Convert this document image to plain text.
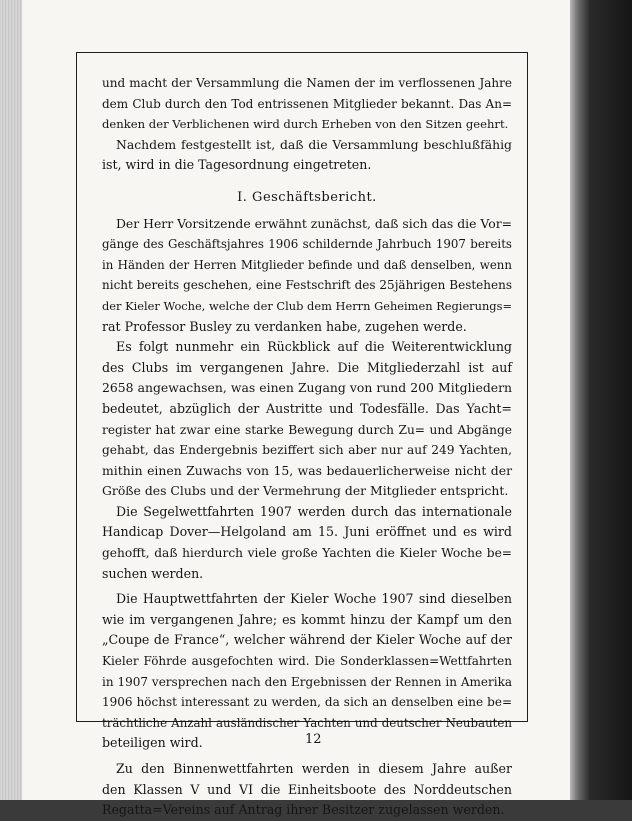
und macht der Versammlung die Namen der im verflossenen Jahre
dem Club durch den Tod entrissenen Mitglieder bekannt. Das An=
denken der Verblichenen wird durch Erheben von den Sitzen geehrt.

Nachdem festgestellt ist, daß die Versammlung beschlußfähig
ist, wird in die Tagesordnung eingetreten.

I. Geschäftsbericht.

Der Herr Vorsitzende erwähnt zunächst, daß sich das die Vor=
gänge des Geschäftsjahres 1906 schildernde Jahrbuch 1907 bereits
in Händen der Herren Mitglieder befinde und daß denselben, wenn
nicht bereits geschehen, eine Festschrift des 25jährigen Bestehens
der Kieler Woche, welche der Club dem Herrn Geheimen Regierungs=
rat Professor Busley zu verdanken habe, zugehen werde.

Es folgt nunmehr ein Rückblick auf die Weiterentwicklung
des Clubs im vergangenen Jahre. Die Mitgliederzahl ist auf
2658 angewachsen, was einen Zugang von rund 200 Mitgliedern
bedeutet, abzüglich der Austritte und Todesfälle. Das Yacht=
register hat zwar eine starke Bewegung durch Zu= und Abgänge
gehabt, das Endergebnis beziffert sich aber nur auf 249 Yachten,
mithin einen Zuwachs von 15, was bedauerlicherweise nicht der
Größe des Clubs und der Vermehrung der Mitglieder entspricht.

Die Segelwettfahrten 1907 werden durch das internationale
Handicap Dover—Helgoland am 15. Juni eröffnet und es wird
gehofft, daß hierdurch viele große Yachten die Kieler Woche be=
suchen werden.

Die Hauptwettfahrten der Kieler Woche 1907 sind dieselben
wie im vergangenen Jahre; es kommt hinzu der Kampf um den
„Coupe de France“, welcher während der Kieler Woche auf der
Kieler Föhrde ausgefochten wird. Die Sonderklassen=Wettfahrten
in 1907 versprechen nach den Ergebnissen der Rennen in Amerika
1906 höchst interessant zu werden, da sich an denselben eine be=
trächtliche Anzahl ausländischer Yachten und deutscher Neubauten
beteiligen wird.

Zu den Binnenwettfahrten werden in diesem Jahre außer
den Klassen V und VI die Einheitsboote des Norddeutschen
Regatta=Vereins auf Antrag ihrer Besitzer zugelassen werden.

12
